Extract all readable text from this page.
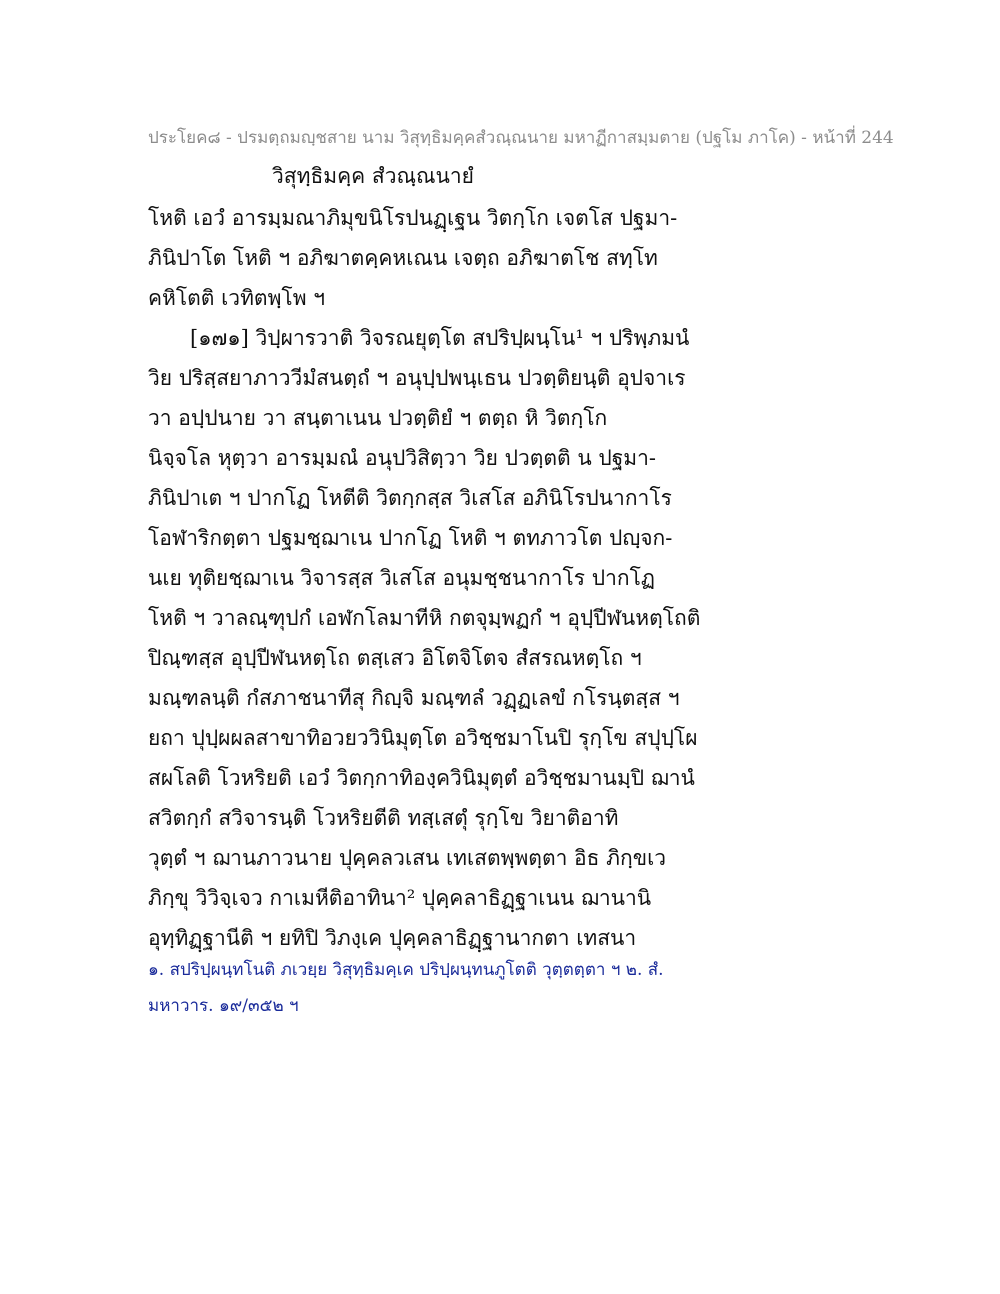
ประโยค๘ - ปรมตฺถมญฺชสาย นาม วิสุทฺธิมคฺคสํวณฺณนาย มหาฏีกาสมฺมตาย (ปฐโม ภาโค) - หน้าที่ 244
วิสุทฺธิมคฺค สํวณฺณนายํ
โหติ เอวํ อารมฺมณาภิมุขนิโรปนฏฺเฐน วิตกฺโก เจตโส ปฐมา-
ภินิปาโต โหติ ฯ อภิฆาตคฺคหเณน เจตฺถ อภิฆาตโช สทฺโท
คหิโตติ เวทิตพฺโพ ฯ
[๑๗๑] วิปฺผารวาติ วิจรณยุตฺโต สปริปฺผนฺโน¹ ฯ ปริพฺภมนํ
วิย ปริสฺสยาภาววีมํสนตฺถํ ฯ อนุปฺปพนฺเธน ปวตฺติยนฺติ อุปจาเร
วา อปฺปนาย วา สนฺตาเนน ปวตฺติยํ ฯ ตตฺถ หิ วิตกฺโก
นิจฺจโล หุตฺวา อารมฺมณํ อนุปวิสิตฺวา วิย ปวตฺตติ น ปฐมา-
ภินิปาเต ฯ ปากโฏ โหตีติ วิตกฺกสฺส วิเสโส อภินิโรปนากาโร
โอฬาริกตฺตา ปฐมชฺฌาเน ปากโฏ โหติ ฯ ตทภาวโต ปญฺจก-
นเย ทุติยชฺฌาเน วิจารสฺส วิเสโส อนุมชฺชนากาโร ปากโฏ
โหติ ฯ วาลณฺฑุปกํ เอฬกโลมาทีหิ กตจุมฺพฏกํ ฯ อุปฺปีฬนหตฺโถติ
ปิณฺฑสฺส อุปฺปีฬนหตฺโถ ตสฺเสว อิโตจิโตจ สํสรณหตฺโถ ฯ
มณฺฑลนฺติ กํสภาชนาทีสุ กิญฺจิ มณฺฑลํ วฏฺฏเลขํ กโรนฺตสฺส ฯ
ยถา ปุปฺผผลสาขาทิอวยววินิมุตฺโต อวิชฺชมาโนปิ รุกฺโข สปุปฺโผ
สผโลติ โวหริยติ เอวํ วิตกฺกาทิองฺควินิมุตฺตํ อวิชฺชมานมฺปิ ฌานํ
สวิตกฺกํ สวิจารนฺติ โวหริยตีติ ทสฺเสตุํ รุกฺโข วิยาติอาทิ
วุตฺตํ ฯ ฌานภาวนาย ปุคฺคลวเสน เทเสตพฺพตฺตา อิธ ภิกฺขเว
ภิกฺขุ วิวิจฺเจว กาเมหีติอาทินา² ปุคฺคลาธิฏฺฐาเนน ฌานานิ
อุทฺทิฏฺฐานีติ ฯ ยทิปิ วิภงฺเค ปุคฺคลาธิฏฺฐานากตา เทสนา
๑. สปริปฺผนฺทโนติ ภเวยฺย วิสุทฺธิมคฺเค ปริปฺผนฺทนภูโตติ วุตฺตตฺตา ฯ ๒. สํ.
มหาวาร. ๑๙/๓๕๒ ฯ
